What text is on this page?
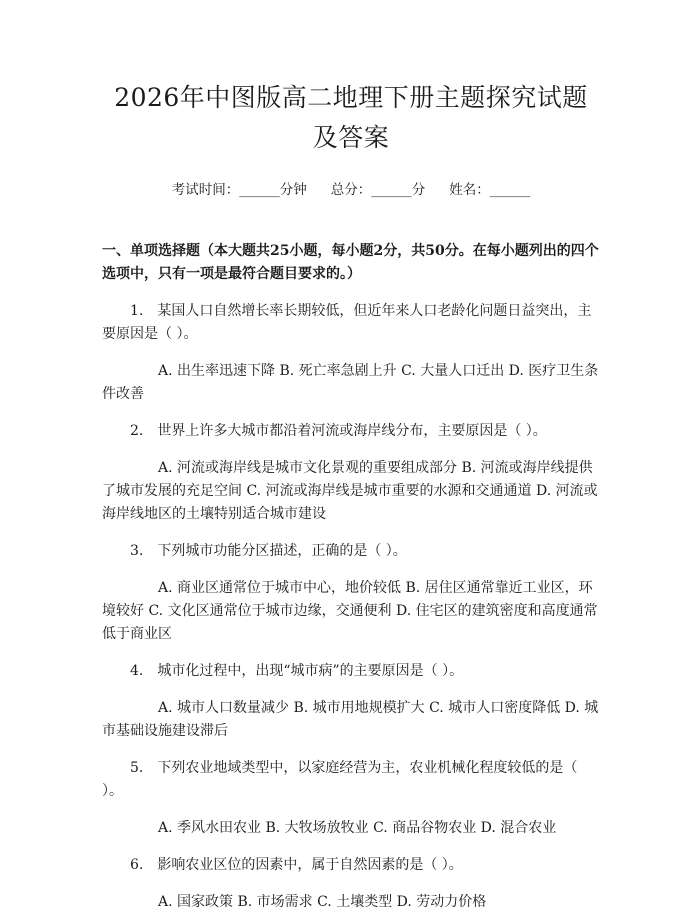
2026年中图版高二地理下册主题探究试题及答案
考试时间：______分钟 总分：______分 姓名：______
一、单项选择题（本大题共25小题，每小题2分，共50分。在每小题列出的四个选项中，只有一项是最符合题目要求的。）
1.　某国人口自然增长率长期较低，但近年来人口老龄化问题日益突出，主要原因是（ ）。
A. 出生率迅速下降 B. 死亡率急剧上升 C. 大量人口迁出 D. 医疗卫生条件改善
2.　世界上许多大城市都沿着河流或海岸线分布，主要原因是（ ）。
A. 河流或海岸线是城市文化景观的重要组成部分 B. 河流或海岸线提供了城市发展的充足空间 C. 河流或海岸线是城市重要的水源和交通通道 D. 河流或海岸线地区的土壤特别适合城市建设
3.　下列城市功能分区描述，正确的是（ ）。
A. 商业区通常位于城市中心，地价较低 B. 居住区通常靠近工业区，环境较好 C. 文化区通常位于城市边缘，交通便利 D. 住宅区的建筑密度和高度通常低于商业区
4.　城市化过程中，出现“城市病”的主要原因是（ ）。
A. 城市人口数量减少 B. 城市用地规模扩大 C. 城市人口密度降低 D. 城市基础设施建设滞后
5.　下列农业地域类型中，以家庭经营为主，农业机械化程度较低的是（ ）。
A. 季风水田农业 B. 大牧场放牧业 C. 商品谷物农业 D. 混合农业
6.　影响农业区位的因素中，属于自然因素的是（ ）。
A. 国家政策 B. 市场需求 C. 土壤类型 D. 劳动力价格
